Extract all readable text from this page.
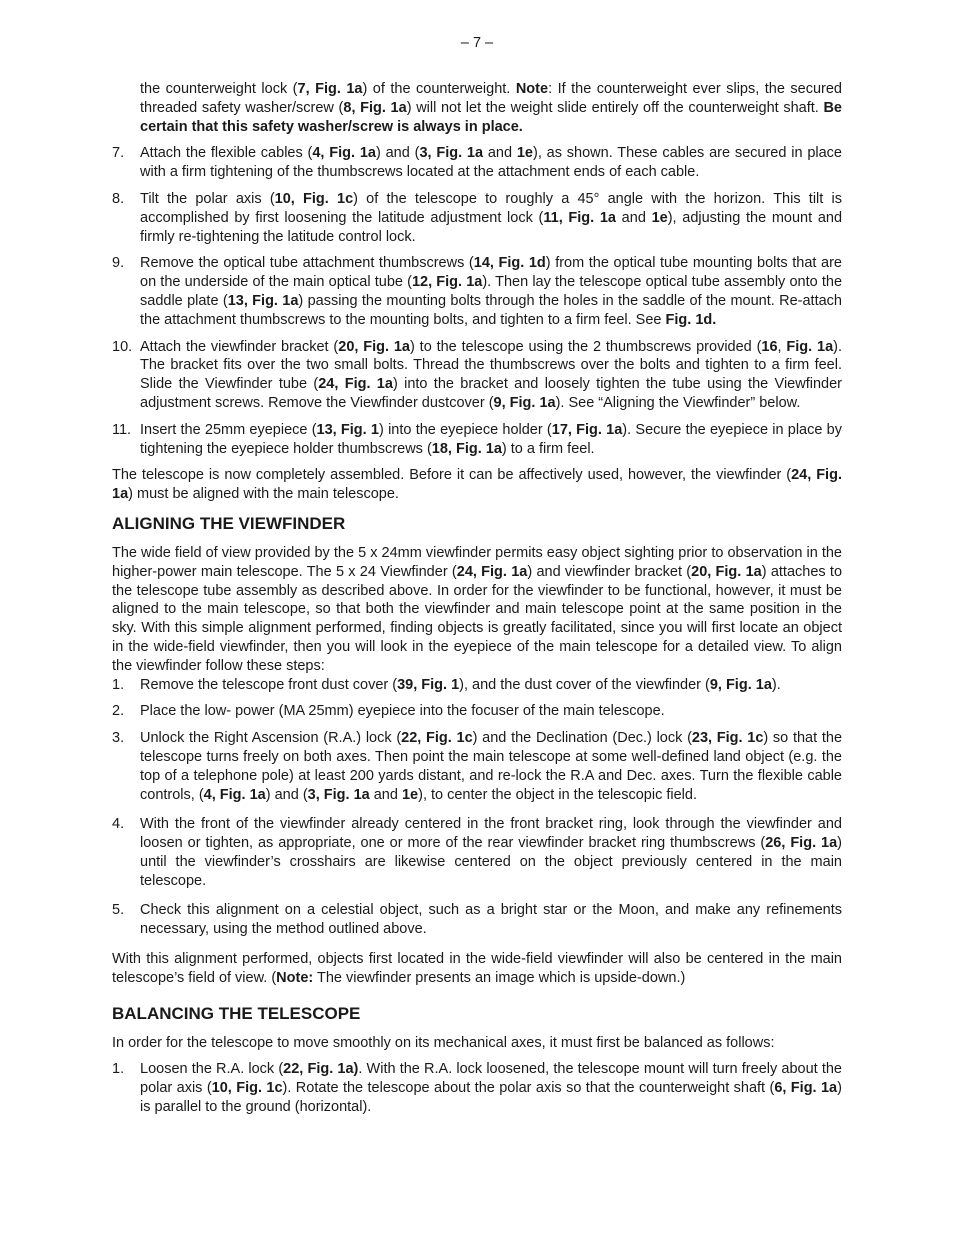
– 7 –

the counterweight lock (7, Fig. 1a) of the counterweight. Note: If the counterweight ever slips, the secured threaded safety washer/screw (8, Fig. 1a) will not let the weight slide entirely off the counterweight shaft. Be certain that this safety washer/screw is always in place.

7. Attach the flexible cables (4, Fig. 1a) and (3, Fig. 1a and 1e), as shown. These cables are secured in place with a firm tightening of the thumbscrews located at the attachment ends of each cable.
8. Tilt the polar axis (10, Fig. 1c) of the telescope to roughly a 45° angle with the horizon. This tilt is accomplished by first loosening the latitude adjustment lock (11, Fig. 1a and 1e), adjusting the mount and firmly re-tightening the latitude control lock.
9. Remove the optical tube attachment thumbscrews (14, Fig. 1d) from the optical tube mounting bolts that are on the underside of the main optical tube (12, Fig. 1a). Then lay the telescope optical tube assembly onto the saddle plate (13, Fig. 1a) passing the mounting bolts through the holes in the saddle of the mount. Re-attach the attachment thumbscrews to the mounting bolts, and tighten to a firm feel. See Fig. 1d.
10. Attach the viewfinder bracket (20, Fig. 1a) to the telescope using the 2 thumbscrews provided (16, Fig. 1a). The bracket fits over the two small bolts. Thread the thumbscrews over the bolts and tighten to a firm feel. Slide the Viewfinder tube (24, Fig. 1a) into the bracket and loosely tighten the tube using the Viewfinder adjustment screws. Remove the Viewfinder dustcover (9, Fig. 1a). See “Aligning the Viewfinder” below.
11. Insert the 25mm eyepiece (13, Fig. 1) into the eyepiece holder (17, Fig. 1a). Secure the eyepiece in place by tightening the eyepiece holder thumbscrews (18, Fig. 1a) to a firm feel.

The telescope is now completely assembled. Before it can be affectively used, however, the viewfinder (24, Fig. 1a) must be aligned with the main telescope.

ALIGNING THE VIEWFINDER

The wide field of view provided by the 5 x 24mm viewfinder permits easy object sighting prior to observation in the higher-power main telescope. The 5 x 24 Viewfinder (24, Fig. 1a) and viewfinder bracket (20, Fig. 1a) attaches to the telescope tube assembly as described above. In order for the viewfinder to be functional, however, it must be aligned to the main telescope, so that both the viewfinder and main telescope point at the same position in the sky. With this simple alignment performed, finding objects is greatly facilitated, since you will first locate an object in the wide-field viewfinder, then you will look in the eyepiece of the main telescope for a detailed view. To align the viewfinder follow these steps:

1. Remove the telescope front dust cover (39, Fig. 1), and the dust cover of the viewfinder (9, Fig. 1a).
2. Place the low- power (MA 25mm) eyepiece into the focuser of the main telescope.
3. Unlock the Right Ascension (R.A.) lock (22, Fig. 1c) and the Declination (Dec.) lock (23, Fig. 1c) so that the telescope turns freely on both axes. Then point the main telescope at some well-defined land object (e.g. the top of a telephone pole) at least 200 yards distant, and re-lock the R.A and Dec. axes. Turn the flexible cable controls, (4, Fig. 1a) and (3, Fig. 1a and 1e), to center the object in the telescopic field.
4. With the front of the viewfinder already centered in the front bracket ring, look through the viewfinder and loosen or tighten, as appropriate, one or more of the rear viewfinder bracket ring thumbscrews (26, Fig. 1a) until the viewfinder’s crosshairs are likewise centered on the object previously centered in the main telescope.
5. Check this alignment on a celestial object, such as a bright star or the Moon, and make any refinements necessary, using the method outlined above.

With this alignment performed, objects first located in the wide-field viewfinder will also be centered in the main telescope’s field of view. (Note: The viewfinder presents an image which is upside-down.)

BALANCING THE TELESCOPE

In order for the telescope to move smoothly on its mechanical axes, it must first be balanced as follows:

1. Loosen the R.A. lock (22, Fig. 1a). With the R.A. lock loosened, the telescope mount will turn freely about the polar axis (10, Fig. 1c). Rotate the telescope about the polar axis so that the counterweight shaft (6, Fig. 1a) is parallel to the ground (horizontal).
